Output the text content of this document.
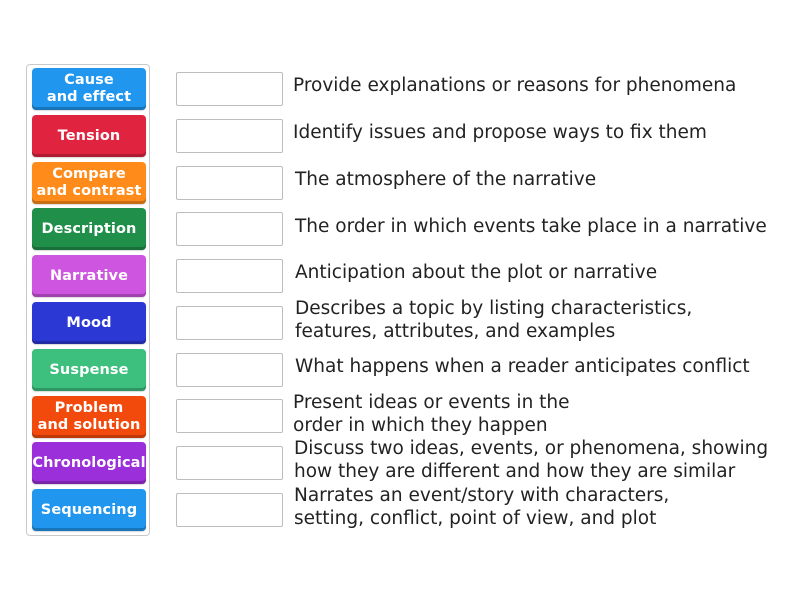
Cause
and effect
Tension
Compare
and contrast
Description
Narrative
Mood
Suspense
Problem
and solution
Chronological
Sequencing
Provide explanations or reasons for phenomena
Identify issues and propose ways to fix them
The atmosphere of the narrative
The order in which events take place in a narrative
Anticipation about the plot or narrative
Describes a topic by listing characteristics,
features, attributes, and examples
What happens when a reader anticipates conflict
Present ideas or events in the
order in which they happen
Discuss two ideas, events, or phenomena, showing
how they are different and how they are similar
Narrates an event/story with characters,
setting, conflict, point of view, and plot
